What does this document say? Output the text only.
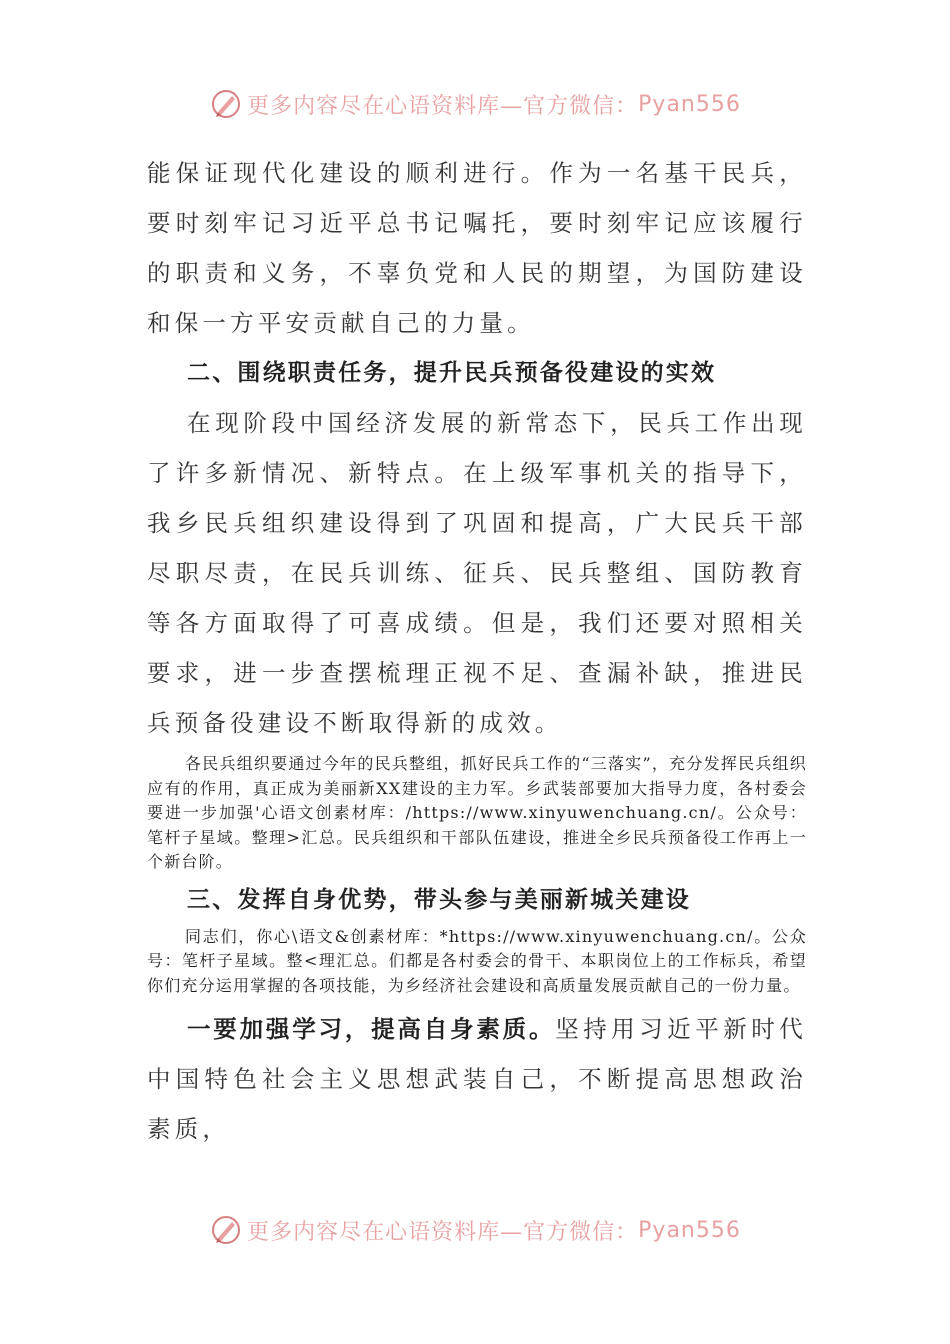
更多内容尽在心语资料库—官方微信： Pyan556

能保证现代化建设的顺利进行。作为一名基干民兵，要时刻牢记习近平总书记嘱托，要时刻牢记应该履行的职责和义务，不辜负党和人民的期望，为国防建设和保一方平安贡献自己的力量。

二、围绕职责任务，提升民兵预备役建设的实效

在现阶段中国经济发展的新常态下，民兵工作出现了许多新情况、新特点。在上级军事机关的指导下，我乡民兵组织建设得到了巩固和提高，广大民兵干部尽职尽责，在民兵训练、征兵、民兵整组、国防教育等各方面取得了可喜成绩。但是，我们还要对照相关要求，进一步查摆梳理正视不足、查漏补缺，推进民兵预备役建设不断取得新的成效。

各民兵组织要通过今年的民兵整组，抓好民兵工作的“三落实”，充分发挥民兵组织应有的作用，真正成为美丽新XX建设的主力军。乡武装部要加大指导力度，各村委会要进一步加强'心语文创素材库：/https://www.xinyuwenchuang.cn/。公众号：笔杆子星域。整理>汇总。民兵组织和干部队伍建设，推进全乡民兵预备役工作再上一个新台阶。

三、发挥自身优势，带头参与美丽新城关建设

同志们，你心\语文&创素材库：*https://www.xinyuwenchuang.cn/。公众号：笔杆子星域。整<理汇总。们都是各村委会的骨干、本职岗位上的工作标兵，希望你们充分运用掌握的各项技能，为乡经济社会建设和高质量发展贡献自己的一份力量。

一要加强学习，提高自身素质。坚持用习近平新时代中国特色社会主义思想武装自己，不断提高思想政治素质，

更多内容尽在心语资料库—官方微信： Pyan556
